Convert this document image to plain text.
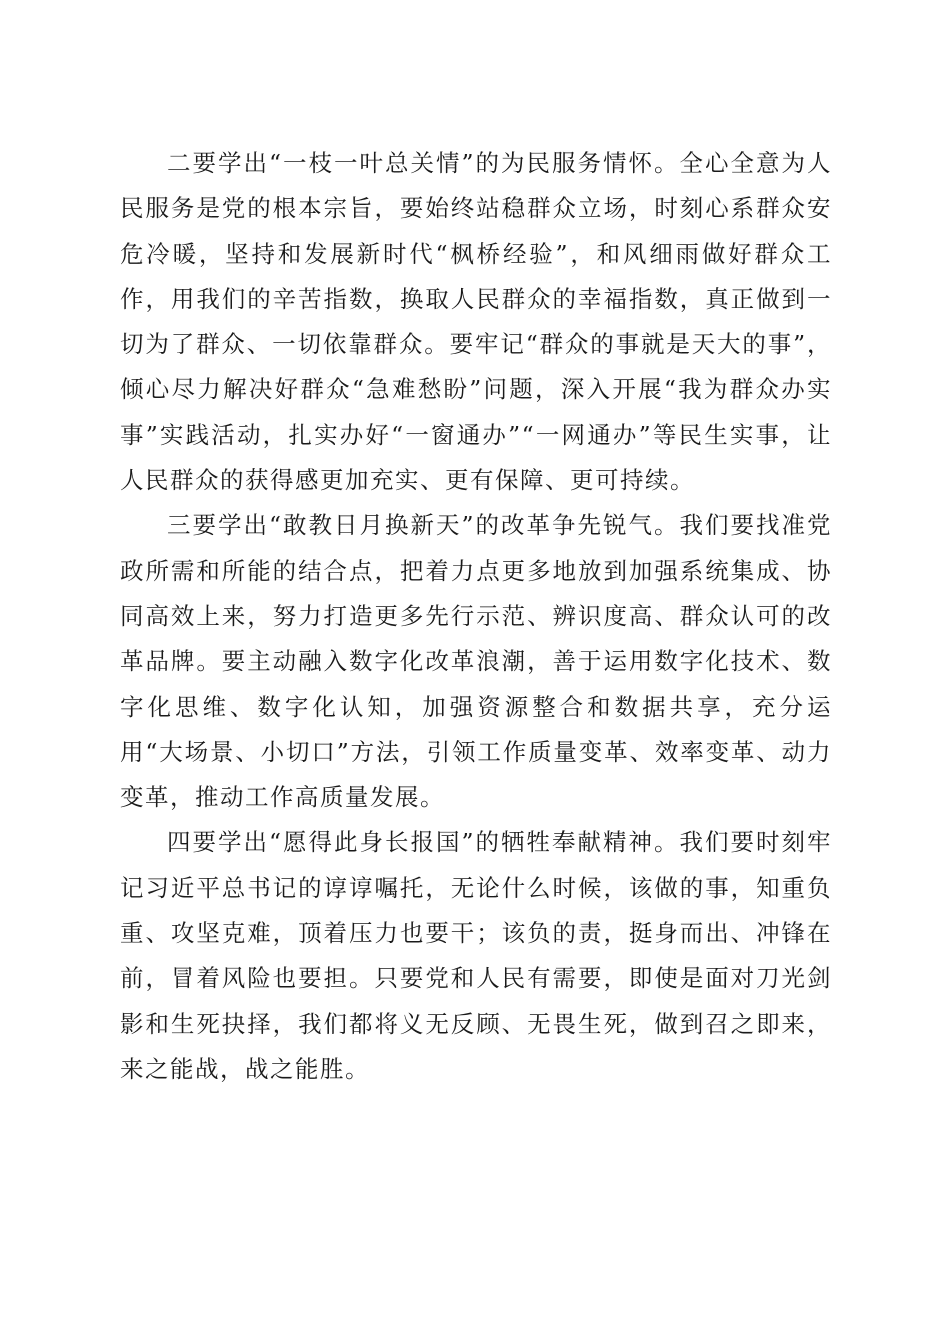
二要学出“一枝一叶总关情”的为民服务情怀。全心全意为人民服务是党的根本宗旨，要始终站稳群众立场，时刻心系群众安危冷暖，坚持和发展新时代“枫桥经验”，和风细雨做好群众工作，用我们的辛苦指数，换取人民群众的幸福指数，真正做到一切为了群众、一切依靠群众。要牢记“群众的事就是天大的事”，倾心尽力解决好群众“急难愁盼”问题，深入开展“我为群众办实事”实践活动，扎实办好“一窗通办”“一网通办”等民生实事，让人民群众的获得感更加充实、更有保障、更可持续。

三要学出“敢教日月换新天”的改革争先锐气。我们要找准党政所需和所能的结合点，把着力点更多地放到加强系统集成、协同高效上来，努力打造更多先行示范、辨识度高、群众认可的改革品牌。要主动融入数字化改革浪潮，善于运用数字化技术、数字化思维、数字化认知，加强资源整合和数据共享，充分运用“大场景、小切口”方法，引领工作质量变革、效率变革、动力变革，推动工作高质量发展。

四要学出“愿得此身长报国”的牺牲奉献精神。我们要时刻牢记习近平总书记的谆谆嘱托，无论什么时候，该做的事，知重负重、攻坚克难，顶着压力也要干；该负的责，挺身而出、冲锋在前，冒着风险也要担。只要党和人民有需要，即使是面对刀光剑影和生死抉择，我们都将义无反顾、无畏生死，做到召之即来，来之能战，战之能胜。
